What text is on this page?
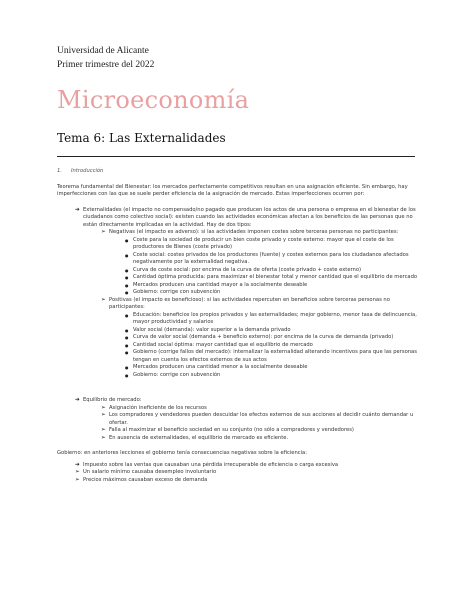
Universidad de Alicante
Primer trimestre del 2022
Microeconomía
Tema 6: Las Externalidades

1. Introducción

Teorema fundamental del Bienestar: los mercados perfectamente competitivos resultan en una asignación eficiente. Sin embargo, hay imperfecciones con las que se suele perder eficiencia de la asignación de mercado. Estas imperfecciones ocurren por:

➔ Externalidades (el impacto no compensado/no pagado que producen los actos de una persona o empresa en el bienestar de los ciudadanos como colectivo social): existen cuando las actividades económicas afectan a los beneficios de las personas que no están directamente implicadas en la actividad. Hay de dos tipos:
➢ Negativas (el impacto es adverso): si las actividades imponen costes sobre terceras personas no participantes:
● Coste para la sociedad de producir un bien coste privado y coste externo: mayor que el coste de los productores de Bienes (coste privado)
● Coste social: costes privados de los productores (fuente) y costes externos para los ciudadanos afectados negativamente por la externalidad negativa.
● Curva de coste social: por encima de la curva de oferta (coste privado + coste externo)
● Cantidad óptima producida: para maximizar el bienestar total y menor cantidad que el equilibrio de mercado
● Mercados producen una cantidad mayor a la socialmente deseable
● Gobierno: corrige con subvención
➢ Positivas (el impacto es beneficioso): si las actividades repercuten en beneficios sobre terceras personas no participantes:
● Educación: beneficios los propios privados y las externalidades; mejor gobierno, menor tasa de delincuencia, mayor productividad y salarios
● Valor social (demanda): valor superior a la demanda privado
● Curva de valor social (demanda + beneficio externo): por encima de la curva de demanda (privado)
● Cantidad social óptima: mayor cantidad que el equilibrio de mercado
● Gobierno (corrige fallos del mercado): internalizar la externalidad alterando incentivos para que las personas tengan en cuenta los efectos externos de sus actos
● Mercados producen una cantidad menor a la socialmente deseable
● Gobierno: corrige con subvención
➔ Equilibrio de mercado:
➢ Asignación ineficiente de los recursos
➢ Los compradores y vendedores pueden descuidar los efectos externos de sus acciones al decidir cuánto demandar u ofertar.
➢ Falla al maximizar el beneficio sociedad en su conjunto (no sólo a compradores y vendedores)
➢ En ausencia de externalidades, el equilibrio de mercado es eficiente.

Gobierno: en anteriores lecciones el gobierno tenía consecuencias negativas sobre la eficiencia:

➔ Impuesto sobre las ventas que causaban una pérdida irrecuperable de eficiencia o carga excesiva
➢ Un salario mínimo causaba desempleo involuntario
➢ Precios máximos causaban exceso de demanda
